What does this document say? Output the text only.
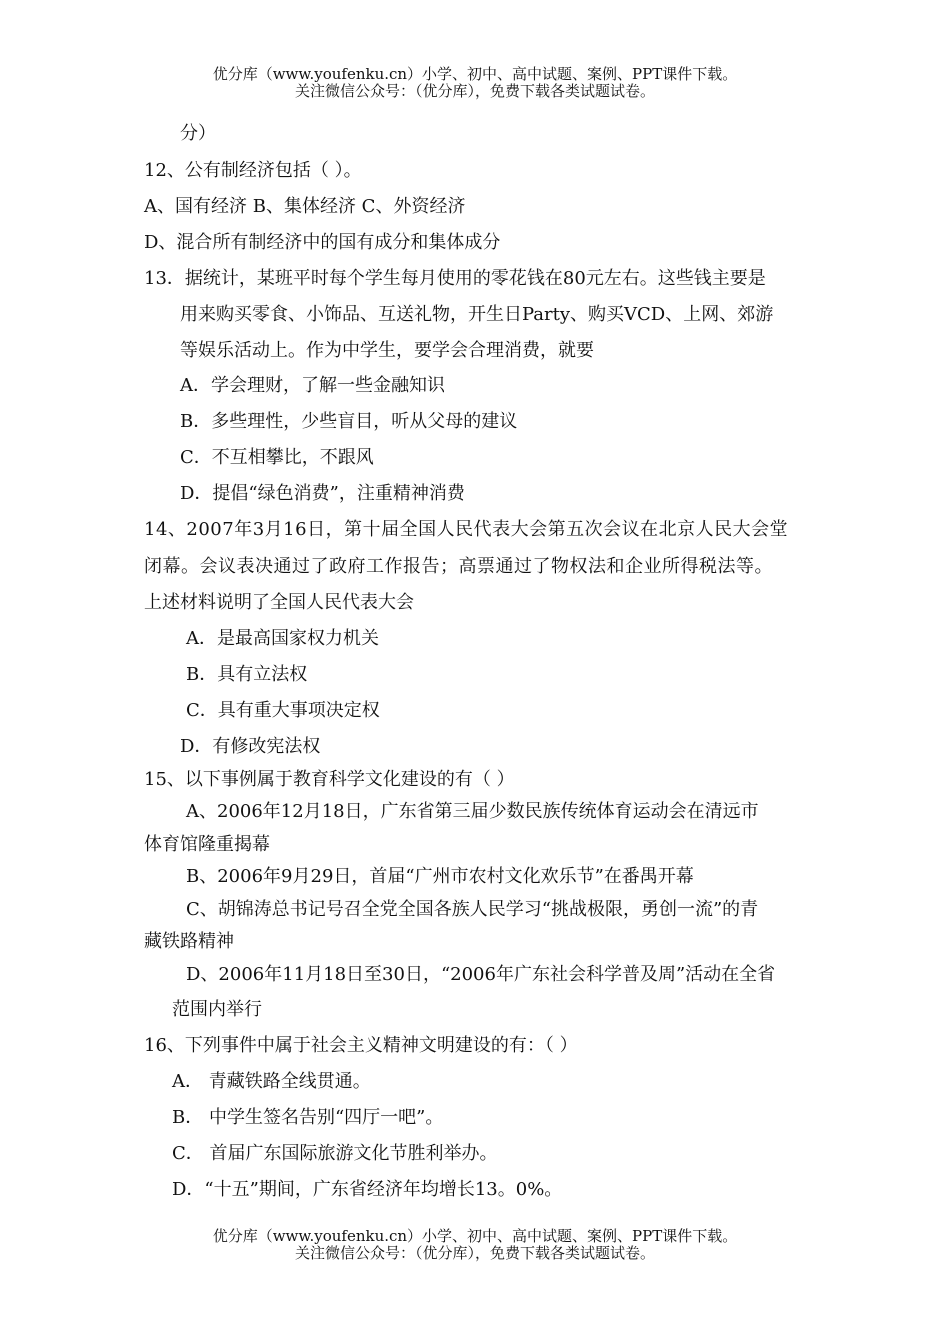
优分库（www.youfenku.cn）小学、初中、高中试题、案例、PPT课件下载。
关注微信公众号：（优分库），免费下载各类试题试卷。
分）
12、公有制经济包括（ ）。
A、国有经济 B、集体经济 C、外资经济
D、混合所有制经济中的国有成分和集体成分
13．据统计，某班平时每个学生每月使用的零花钱在80元左右。这些钱主要是
用来购买零食、小饰品、互送礼物，开生日Party、购买VCD、上网、郊游
等娱乐活动上。作为中学生，要学会合理消费，就要
A．学会理财，了解一些金融知识
B．多些理性，少些盲目，听从父母的建议
C．不互相攀比，不跟风
D．提倡“绿色消费”，注重精神消费
14、2007年3月16日，第十届全国人民代表大会第五次会议在北京人民大会堂
闭幕。会议表决通过了政府工作报告；高票通过了物权法和企业所得税法等。
上述材料说明了全国人民代表大会
A．是最高国家权力机关
B．具有立法权
C．具有重大事项决定权
D．有修改宪法权
15、以下事例属于教育科学文化建设的有（ ）
A、2006年12月18日，广东省第三届少数民族传统体育运动会在清远市
体育馆隆重揭幕
B、2006年9月29日，首届“广州市农村文化欢乐节”在番禺开幕
C、胡锦涛总书记号召全党全国各族人民学习“挑战极限，勇创一流”的青
藏铁路精神
D、2006年11月18日至30日，“2006年广东社会科学普及周”活动在全省
范围内举行
16、下列事件中属于社会主义精神文明建设的有：（ ）
A． 青藏铁路全线贯通。
B． 中学生签名告别“四厅一吧”。
C． 首届广东国际旅游文化节胜利举办。
D．“十五”期间，广东省经济年均增长13。0%。
优分库（www.youfenku.cn）小学、初中、高中试题、案例、PPT课件下载。
关注微信公众号：（优分库），免费下载各类试题试卷。
